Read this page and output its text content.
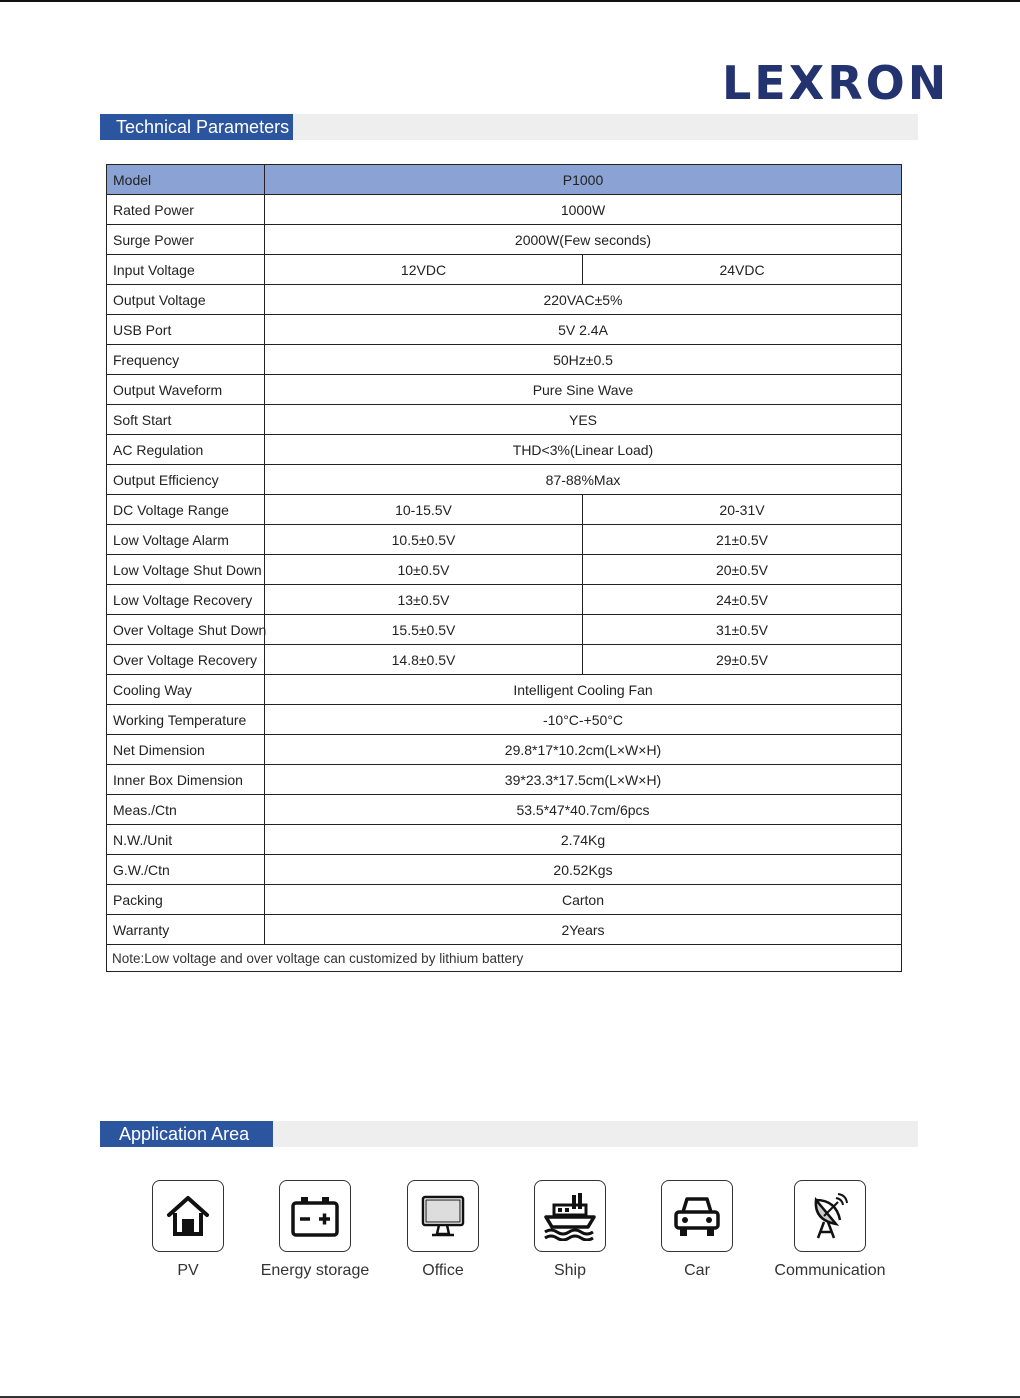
LEXRON
Technical Parameters
Model	P1000	
Rated Power	1000W	
Surge Power	2000W(Few seconds)	
Input Voltage	12VDC	24VDC
Output Voltage	220VAC±5%	
USB Port	5V 2.4A	
Frequency	50Hz±0.5	
Output Waveform	Pure Sine Wave	
Soft Start	YES	
AC Regulation	THD<3%(Linear Load)	
Output Efficiency	87-88%Max	
DC Voltage Range	10-15.5V	20-31V
Low Voltage Alarm	10.5±0.5V	21±0.5V
Low Voltage Shut Down	10±0.5V	20±0.5V
Low Voltage Recovery	13±0.5V	24±0.5V
Over Voltage Shut Down	15.5±0.5V	31±0.5V
Over Voltage Recovery	14.8±0.5V	29±0.5V
Cooling Way	Intelligent Cooling Fan	
Working Temperature	-10°C-+50°C	
Net Dimension	29.8*17*10.2cm(L×W×H)	
Inner Box Dimension	39*23.3*17.5cm(L×W×H)	
Meas./Ctn	53.5*47*40.7cm/6pcs	
N.W./Unit	2.74Kg	
G.W./Ctn	20.52Kgs	
Packing	Carton	
Warranty	2Years	
Note:Low voltage and over voltage can customized by lithium battery		
Application Area
PV	Energy storage	Office	Ship	Car	Communication
